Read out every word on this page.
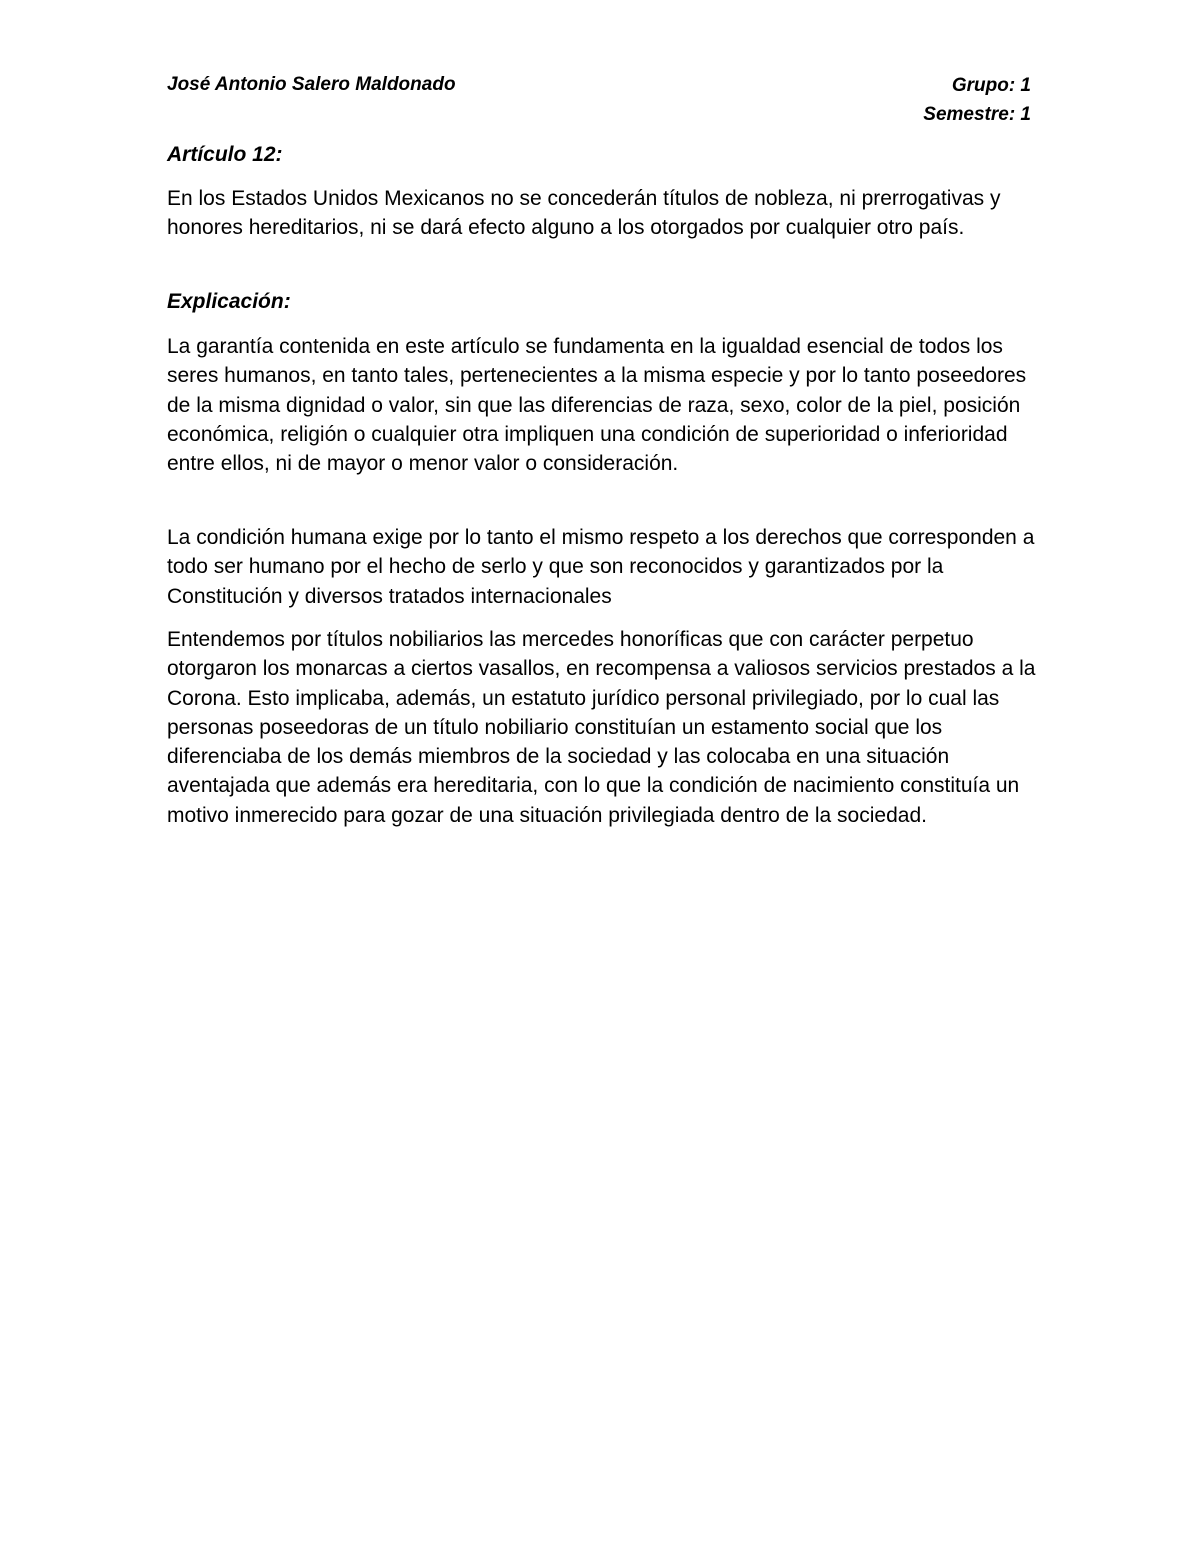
José Antonio Salero Maldonado	Grupo: 1
Semestre: 1
Artículo 12:

En los Estados Unidos Mexicanos no se concederán títulos de nobleza, ni prerrogativas y honores hereditarios, ni se dará efecto alguno a los otorgados por cualquier otro país.

Explicación:

La garantía contenida en este artículo se fundamenta en la igualdad esencial de todos los seres humanos, en tanto tales, pertenecientes a la misma especie y por lo tanto poseedores de la misma dignidad o valor, sin que las diferencias de raza, sexo, color de la piel, posición económica, religión o cualquier otra impliquen una condición de superioridad o inferioridad entre ellos, ni de mayor o menor valor o consideración.

La condición humana exige por lo tanto el mismo respeto a los derechos que corresponden a todo ser humano por el hecho de serlo y que son reconocidos y garantizados por la Constitución y diversos tratados internacionales

Entendemos por títulos nobiliarios las mercedes honoríficas que con carácter perpetuo otorgaron los monarcas a ciertos vasallos, en recompensa a valiosos servicios prestados a la Corona. Esto implicaba, además, un estatuto jurídico personal privilegiado, por lo cual las personas poseedoras de un título nobiliario constituían un estamento social que los diferenciaba de los demás miembros de la sociedad y las colocaba en una situación aventajada que además era hereditaria, con lo que la condición de nacimiento constituía un motivo inmerecido para gozar de una situación privilegiada dentro de la sociedad.
